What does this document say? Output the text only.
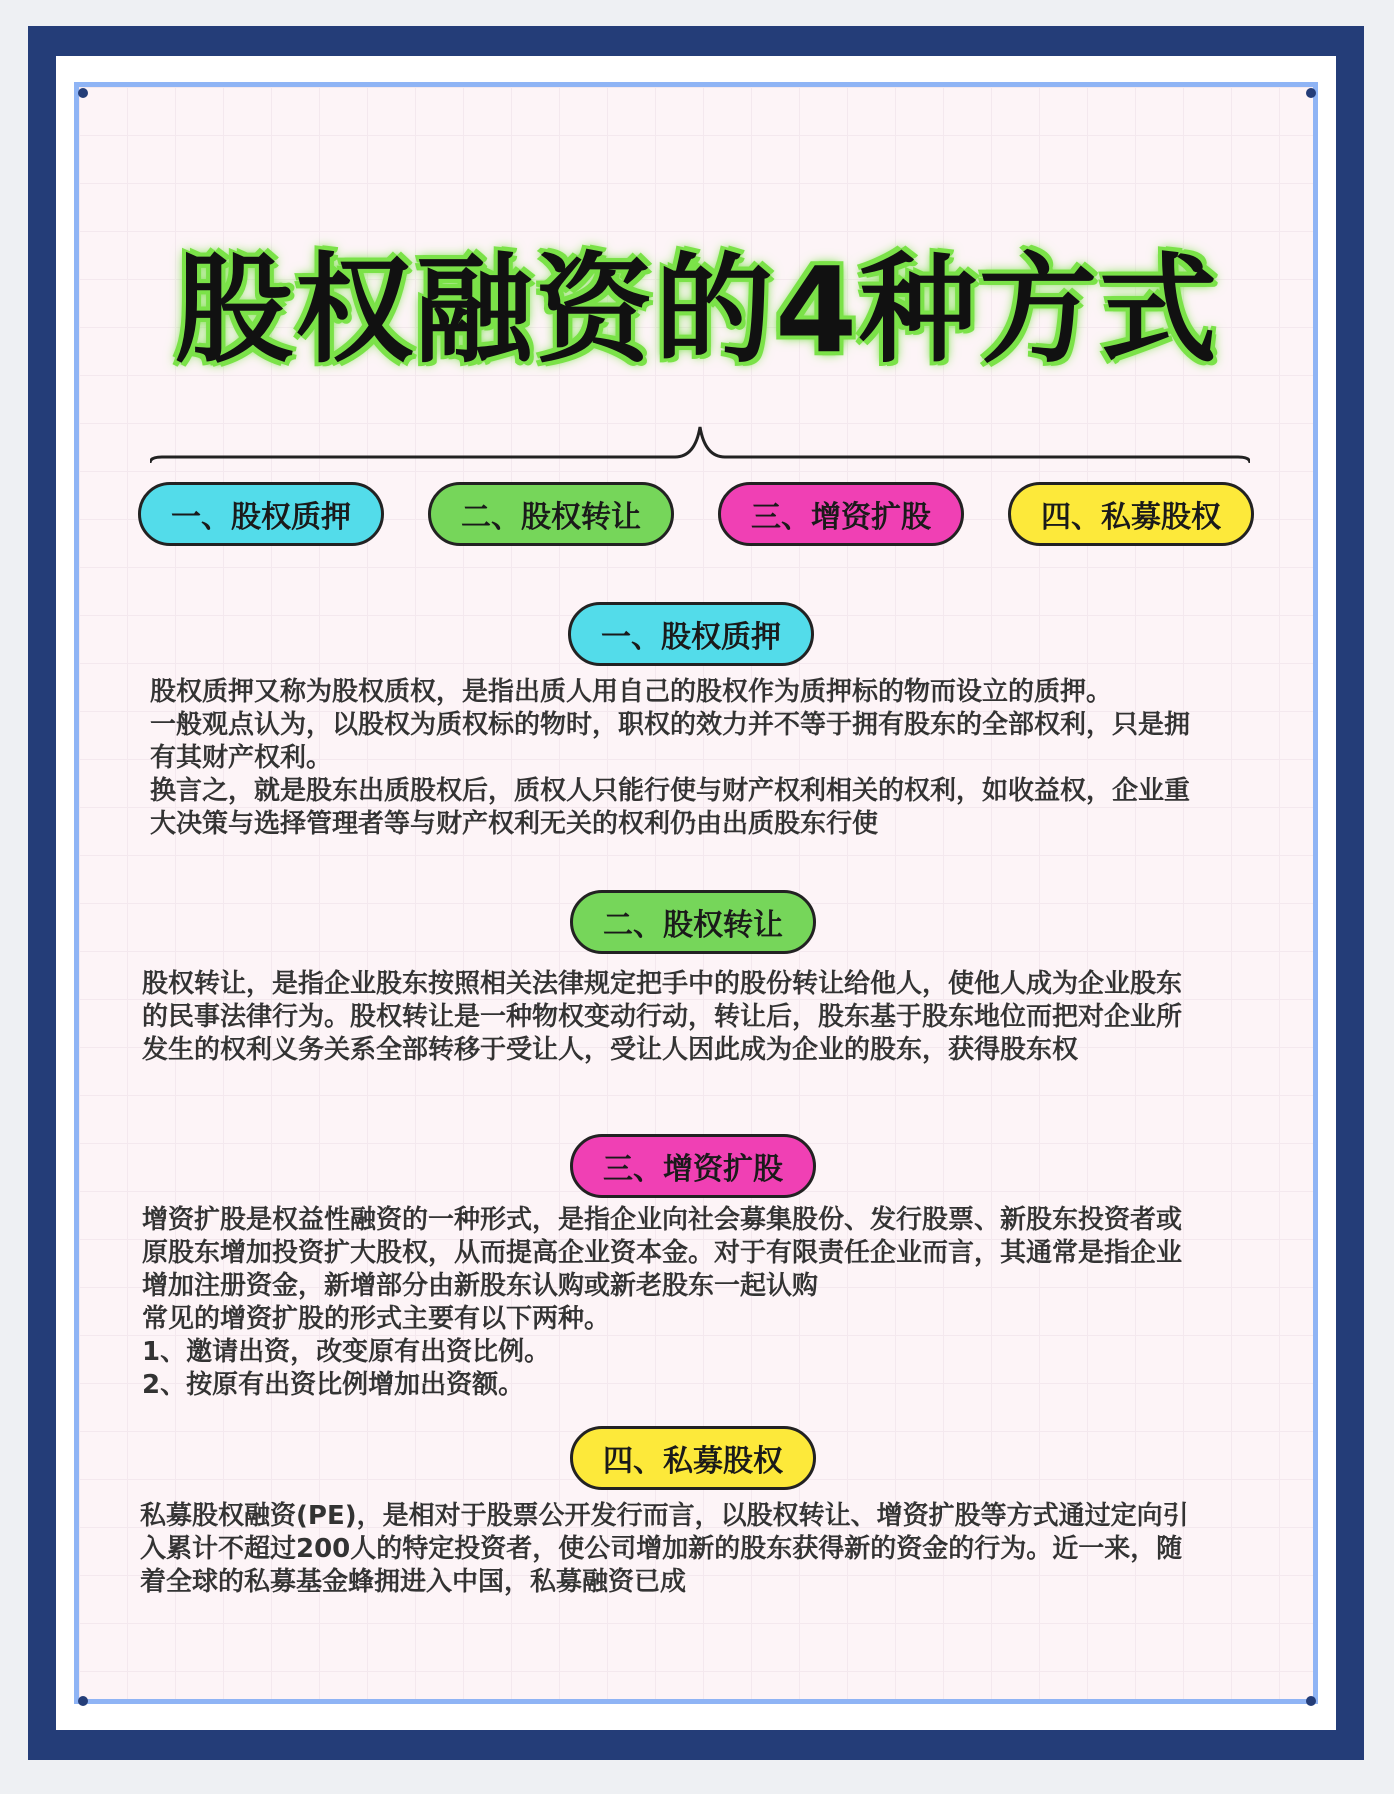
股权融资的4种方式
一、股权质押	二、股权转让	三、增资扩股	四、私募股权
一、股权质押
股权质押又称为股权质权，是指出质人用自己的股权作为质押标的物而设立的质押。
一般观点认为，以股权为质权标的物时，职权的效力并不等于拥有股东的全部权利，只是拥
有其财产权利。
换言之，就是股东出质股权后，质权人只能行使与财产权利相关的权利，如收益权，企业重
大决策与选择管理者等与财产权利无关的权利仍由出质股东行使
二、股权转让
股权转让，是指企业股东按照相关法律规定把手中的股份转让给他人，使他人成为企业股东
的民事法律行为。股权转让是一种物权变动行动，转让后，股东基于股东地位而把对企业所
发生的权利义务关系全部转移于受让人，受让人因此成为企业的股东，获得股东权
三、增资扩股
增资扩股是权益性融资的一种形式，是指企业向社会募集股份、发行股票、新股东投资者或
原股东增加投资扩大股权，从而提高企业资本金。对于有限责任企业而言，其通常是指企业
增加注册资金，新增部分由新股东认购或新老股东一起认购
常见的增资扩股的形式主要有以下两种。
1、邀请出资，改变原有出资比例。
2、按原有出资比例增加出资额。
四、私募股权
私募股权融资(PE)，是相对于股票公开发行而言，以股权转让、增资扩股等方式通过定向引
入累计不超过200人的特定投资者，使公司增加新的股东获得新的资金的行为。近一来，随
着全球的私募基金蜂拥进入中国，私募融资已成
